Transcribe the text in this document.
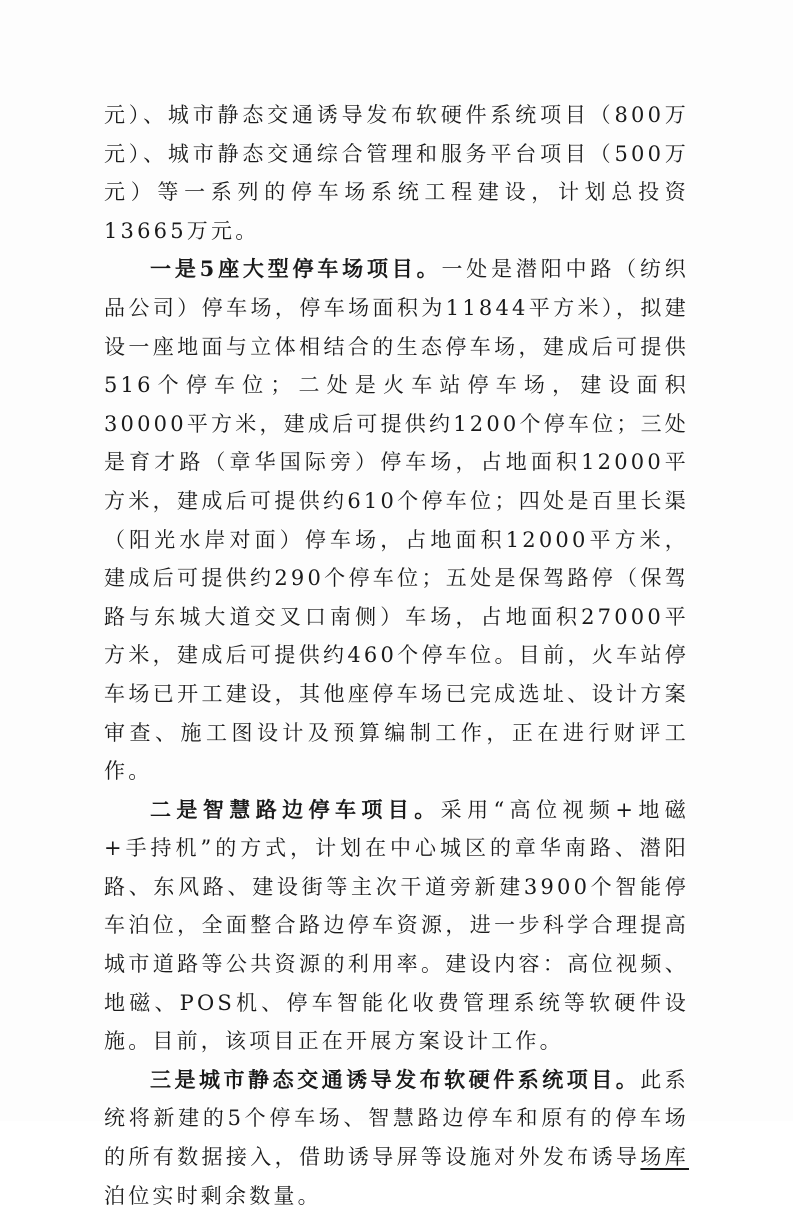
元）、城市静态交通诱导发布软硬件系统项目（800万元）、城市静态交通综合管理和服务平台项目（500万元）等一系列的停车场系统工程建设，计划总投资13665万元。

一是5座大型停车场项目。一处是潜阳中路（纺织品公司）停车场，停车场面积为11844平方米），拟建设一座地面与立体相结合的生态停车场，建成后可提供516个停车位；二处是火车站停车场，建设面积30000平方米，建成后可提供约1200个停车位；三处是育才路（章华国际旁）停车场，占地面积12000平方米，建成后可提供约610个停车位；四处是百里长渠（阳光水岸对面）停车场，占地面积12000平方米，建成后可提供约290个停车位；五处是保驾路停（保驾路与东城大道交叉口南侧）车场，占地面积27000平方米，建成后可提供约460个停车位。目前，火车站停车场已开工建设，其他座停车场已完成选址、设计方案审查、施工图设计及预算编制工作，正在进行财评工作。

二是智慧路边停车项目。采用“高位视频+地磁+手持机”的方式，计划在中心城区的章华南路、潜阳路、东风路、建设街等主次干道旁新建3900个智能停车泊位，全面整合路边停车资源，进一步科学合理提高城市道路等公共资源的利用率。建设内容：高位视频、地磁、POS机、停车智能化收费管理系统等软硬件设施。目前，该项目正在开展方案设计工作。

三是城市静态交通诱导发布软硬件系统项目。此系统将新建的5个停车场、智慧路边停车和原有的停车场的所有数据接入，借助诱导屏等设施对外发布诱导场库泊位实时剩余数量。
